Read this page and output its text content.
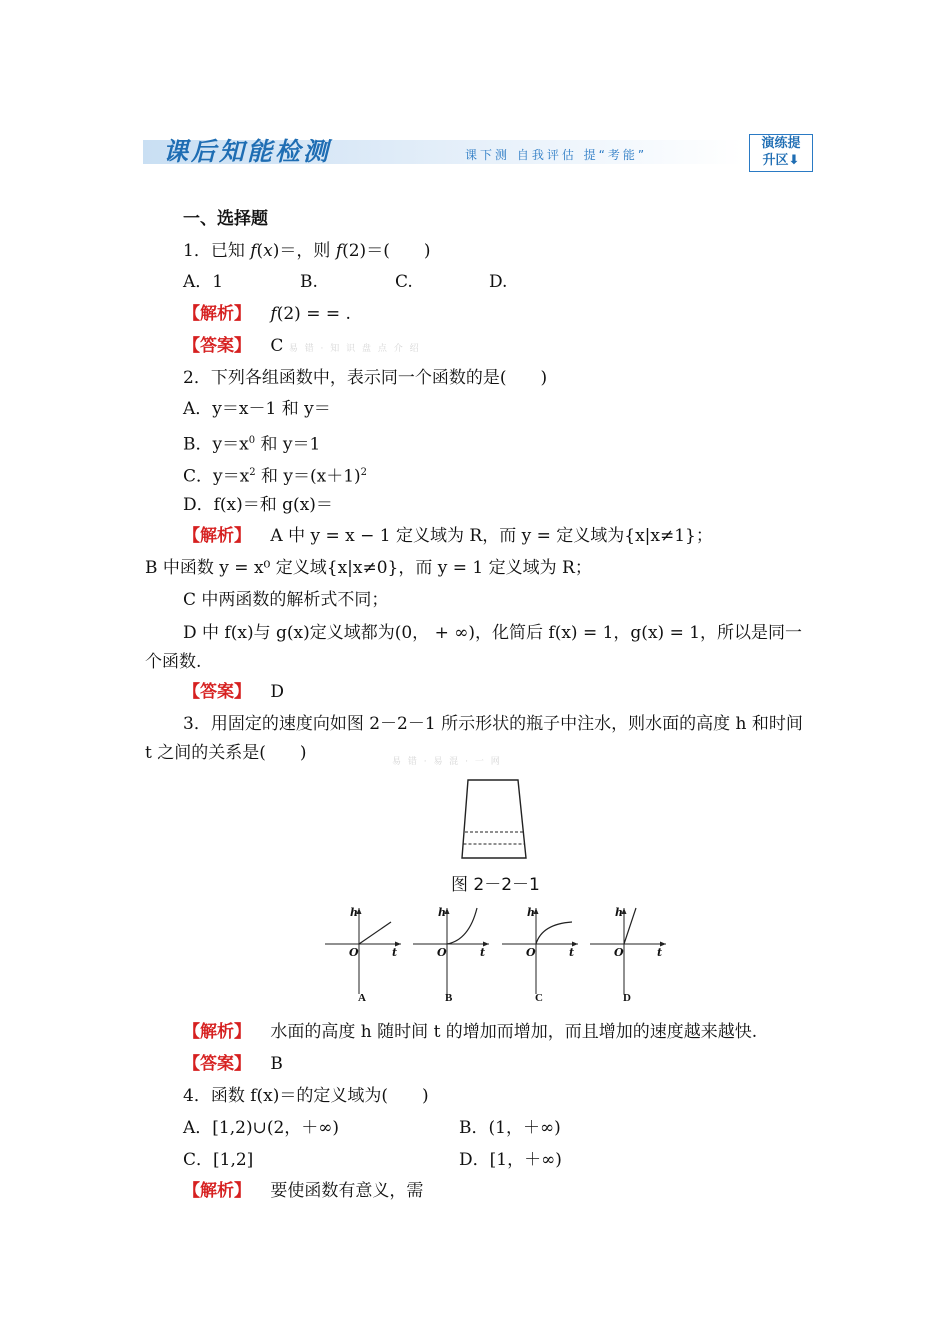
课后知能检测	课下测 自我评估 提“考能”
演练提
升区⬇
一、选择题
1．已知 f(x)＝，则 f(2)＝(　　)
A．1	B.	C.	D.
【解析】 f(2) = = .
【答案】 C 易 错 · 知 识 盘 点 介 绍
2．下列各组函数中，表示同一个函数的是(　　)
A．y＝x－1 和 y＝
B．$y=x^0$ 和 y＝1
C．$y=x^2$ 和 $y=(x+1)^2$
D．f(x)＝和 g(x)＝
【解析】 A 中 y = x − 1 定义域为 R，而 y = 定义域为{x|x≠1}；
B 中函数 y = x⁰ 定义域{x|x≠0}，而 y = 1 定义域为 R；
C 中两函数的解析式不同；
D 中 f(x)与 g(x)定义域都为(0， + ∞)，化简后 f(x) = 1，g(x) = 1，所以是同一个函数.
【答案】 D
3．用固定的速度向如图 2－2－1 所示形状的瓶子中注水，则水面的高度 h 和时间 t 之间的关系是(　　)	易 错 · 易 混 · 一 网
图 2－2－1
h
O	t
h
O	t
h
O	t
h
O	t
A	B	C	D
【解析】 水面的高度 h 随时间 t 的增加而增加，而且增加的速度越来越快.
【答案】 B
4．函数 f(x)＝的定义域为(　　)
A．[1,2)∪(2，＋∞)	B．(1，＋∞)
C．[1,2]	D．[1，＋∞)
【解析】 要使函数有意义，需
